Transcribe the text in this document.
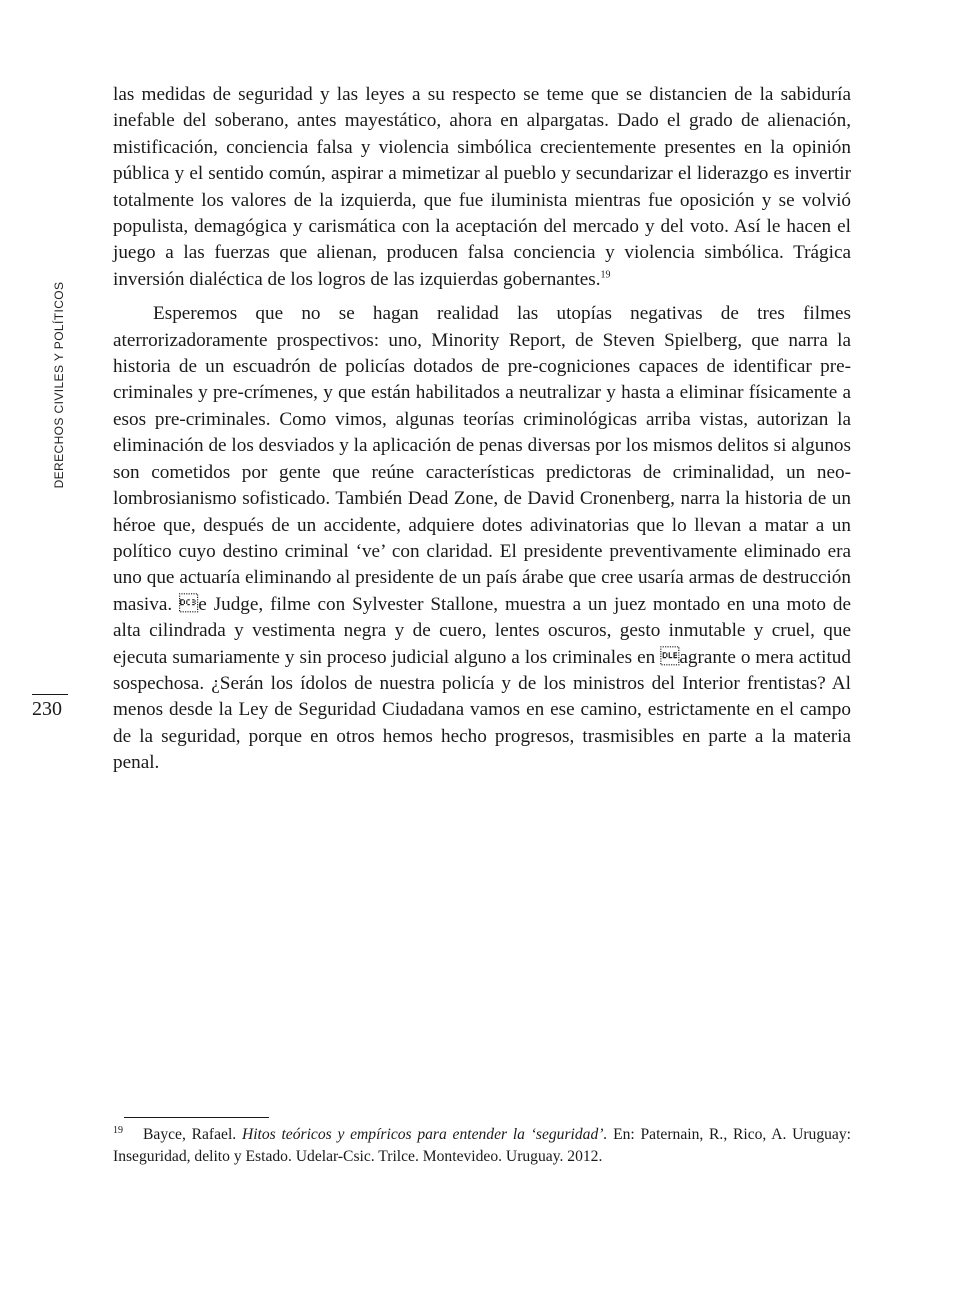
DERECHOS CIVILES Y POLÍTICOS
230

las medidas de seguridad y las leyes a su respecto se teme que se distancien de la sabiduría inefable del soberano, antes mayestático, ahora en alpargatas. Dado el grado de alienación, mistificación, conciencia falsa y violencia simbólica crecientemente presentes en la opinión pública y el sentido común, aspirar a mimetizar al pueblo y secundarizar el liderazgo es invertir totalmente los valores de la izquierda, que fue iluminista mientras fue oposición y se volvió populista, demagógica y carismática con la aceptación del mercado y del voto. Así le hacen el juego a las fuerzas que alienan, producen falsa conciencia y violencia simbólica. Trágica inversión dialéctica de los logros de las izquierdas gobernantes.$^{19}$

Esperemos que no se hagan realidad las utopías negativas de tres filmes aterrorizadoramente prospectivos: uno, Minority Report, de Steven Spielberg, que narra la historia de un escuadrón de policías dotados de pre-cogniciones capaces de identificar pre-criminales y pre-crímenes, y que están habilitados a neutralizar y hasta a eliminar físicamente a esos pre-criminales. Como vimos, algunas teorías criminológicas arriba vistas, autorizan la eliminación de los desviados y la aplicación de penas diversas por los mismos delitos si algunos son cometidos por gente que reúne características predictoras de criminalidad, un neo-lombrosianismo sofisticado. También Dead Zone, de David Cronenberg, narra la historia de un héroe que, después de un accidente, adquiere dotes adivinatorias que lo llevan a matar a un político cuyo destino criminal ‘ve’ con claridad. El presidente preventivamente eliminado era uno que actuaría eliminando al presidente de un país árabe que cree usaría armas de destrucción masiva. e Judge, filme con Sylvester Stallone, muestra a un juez montado en una moto de alta cilindrada y vestimenta negra y de cuero, lentes oscuros, gesto inmutable y cruel, que ejecuta sumariamente y sin proceso judicial alguno a los criminales en agrante o mera actitud sospechosa. ¿Serán los ídolos de nuestra policía y de los ministros del Interior frentistas? Al menos desde la Ley de Seguridad Ciudadana vamos en ese camino, estrictamente en el campo de la seguridad, porque en otros hemos hecho progresos, trasmisibles en parte a la materia penal.

19 Bayce, Rafael. Hitos teóricos y empíricos para entender la ‘seguridad’. En: Paternain, R., Rico, A. Uruguay: Inseguridad, delito y Estado. Udelar-Csic. Trilce. Montevideo. Uruguay. 2012.
